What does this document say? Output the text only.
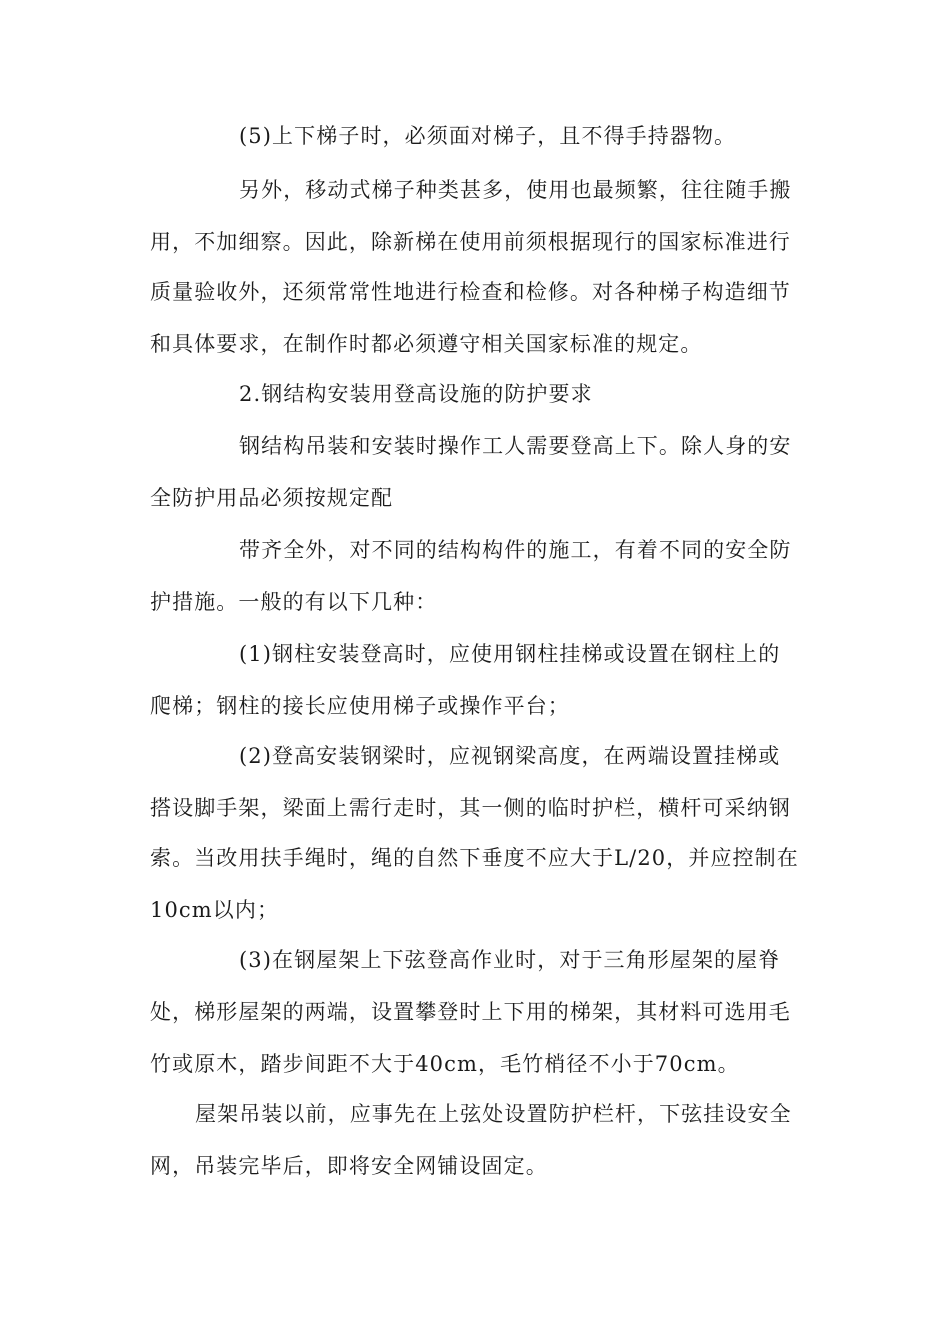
(5)上下梯子时，必须面对梯子，且不得手持器物。
另外，移动式梯子种类甚多，使用也最频繁，往往随手搬
用，不加细察。因此，除新梯在使用前须根据现行的国家标准进行
质量验收外，还须常常性地进行检查和检修。对各种梯子构造细节
和具体要求，在制作时都必须遵守相关国家标准的规定。
2.钢结构安装用登高设施的防护要求
钢结构吊装和安装时操作工人需要登高上下。除人身的安
全防护用品必须按规定配
带齐全外，对不同的结构构件的施工，有着不同的安全防
护措施。一般的有以下几种：
(1)钢柱安装登高时，应使用钢柱挂梯或设置在钢柱上的
爬梯；钢柱的接长应使用梯子或操作平台；
(2)登高安装钢梁时，应视钢梁高度，在两端设置挂梯或
搭设脚手架，梁面上需行走时，其一侧的临时护栏，横杆可采纳钢
索。当改用扶手绳时，绳的自然下垂度不应大于L/20，并应控制在
10cm以内；
(3)在钢屋架上下弦登高作业时，对于三角形屋架的屋脊
处，梯形屋架的两端，设置攀登时上下用的梯架，其材料可选用毛
竹或原木，踏步间距不大于40cm，毛竹梢径不小于70cm。
屋架吊装以前，应事先在上弦处设置防护栏杆，下弦挂设安全
网，吊装完毕后，即将安全网铺设固定。
